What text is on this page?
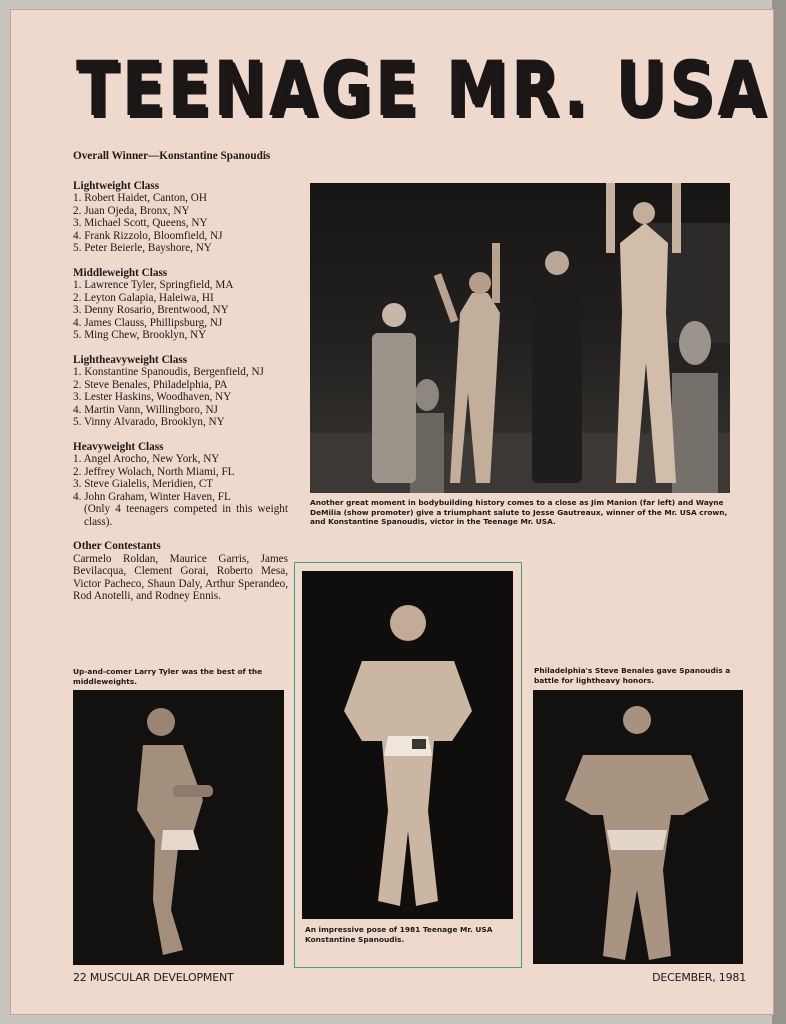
TEENAGE MR. USA
Overall Winner—Konstantine Spanoudis
Lightweight Class
1. Robert Haidet, Canton, OH
2. Juan Ojeda, Bronx, NY
3. Michael Scott, Queens, NY
4. Frank Rizzolo, Bloomfield, NJ
5. Peter Beierle, Bayshore, NY
Middleweight Class
1. Lawrence Tyler, Springfield, MA
2. Leyton Galapia, Haleiwa, HI
3. Denny Rosario, Brentwood, NY
4. James Clauss, Phillipsburg, NJ
5. Ming Chew, Brooklyn, NY
Lightheavyweight Class
1. Konstantine Spanoudis, Bergenfield, NJ
2. Steve Benales, Philadelphia, PA
3. Lester Haskins, Woodhaven, NY
4. Martin Vann, Willingboro, NJ
5. Vinny Alvarado, Brooklyn, NY
Heavyweight Class
1. Angel Arocho, New York, NY
2. Jeffrey Wolach, North Miami, FL
3. Steve Gialelis, Meridien, CT
4. John Graham, Winter Haven, FL
(Only 4 teenagers competed in this weight class).
Other Contestants
Carmelo Roldan, Maurice Garris, James Bevilacqua, Clement Gorai, Roberto Mesa, Victor Pacheco, Shaun Daly, Arthur Sperandeo, Rod Anotelli, and Rodney Ennis.
Another great moment in bodybuilding history comes to a close as Jim Manion (far left) and Wayne DeMilia (show promoter) give a triumphant salute to Jesse Gautreaux, winner of the Mr. USA crown, and Konstantine Spanoudis, victor in the Teenage Mr. USA.
Up-and-comer Larry Tyler was the best of the middleweights.
An impressive pose of 1981 Teenage Mr. USA Konstantine Spanoudis.
Philadelphia's Steve Benales gave Spanoudis a battle for lightheavy honors.
22 MUSCULAR DEVELOPMENT	DECEMBER, 1981
